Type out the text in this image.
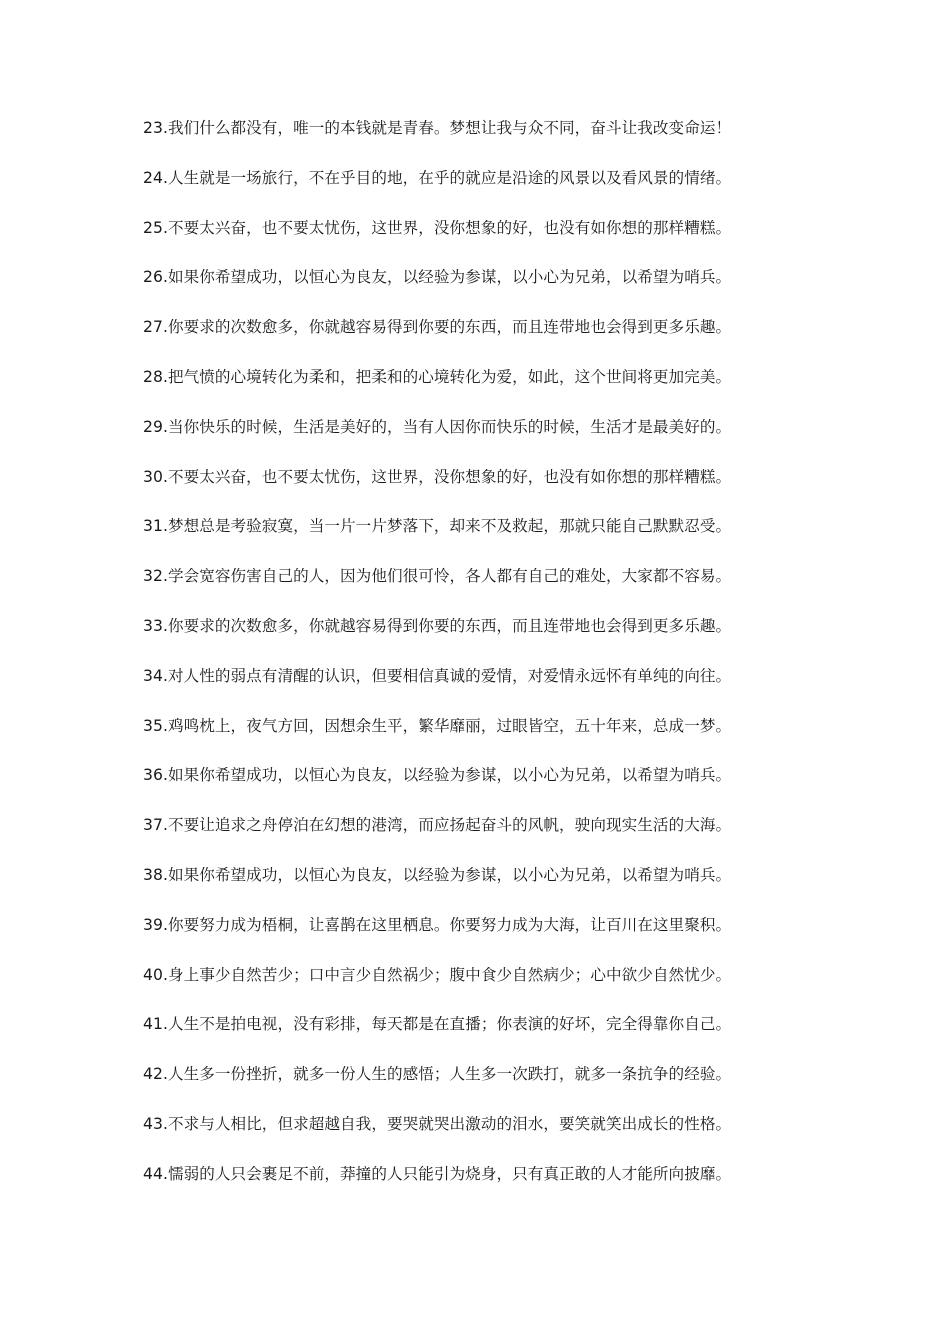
23.我们什么都没有，唯一的本钱就是青春。梦想让我与众不同，奋斗让我改变命运！
24.人生就是一场旅行，不在乎目的地，在乎的就应是沿途的风景以及看风景的情绪。
25.不要太兴奋，也不要太忧伤，这世界，没你想象的好，也没有如你想的那样糟糕。
26.如果你希望成功，以恒心为良友，以经验为参谋，以小心为兄弟，以希望为哨兵。
27.你要求的次数愈多，你就越容易得到你要的东西，而且连带地也会得到更多乐趣。
28.把气愤的心境转化为柔和，把柔和的心境转化为爱，如此，这个世间将更加完美。
29.当你快乐的时候，生活是美好的，当有人因你而快乐的时候，生活才是最美好的。
30.不要太兴奋，也不要太忧伤，这世界，没你想象的好，也没有如你想的那样糟糕。
31.梦想总是考验寂寞，当一片一片梦落下，却来不及救起，那就只能自己默默忍受。
32.学会宽容伤害自己的人，因为他们很可怜，各人都有自己的难处，大家都不容易。
33.你要求的次数愈多，你就越容易得到你要的东西，而且连带地也会得到更多乐趣。
34.对人性的弱点有清醒的认识，但要相信真诚的爱情，对爱情永远怀有单纯的向往。
35.鸡鸣枕上，夜气方回，因想余生平，繁华靡丽，过眼皆空，五十年来，总成一梦。
36.如果你希望成功，以恒心为良友，以经验为参谋，以小心为兄弟，以希望为哨兵。
37.不要让追求之舟停泊在幻想的港湾，而应扬起奋斗的风帆，驶向现实生活的大海。
38.如果你希望成功，以恒心为良友，以经验为参谋，以小心为兄弟，以希望为哨兵。
39.你要努力成为梧桐，让喜鹊在这里栖息。你要努力成为大海，让百川在这里聚积。
40.身上事少自然苦少；口中言少自然祸少；腹中食少自然病少；心中欲少自然忧少。
41.人生不是拍电视，没有彩排，每天都是在直播；你表演的好坏，完全得靠你自己。
42.人生多一份挫折，就多一份人生的感悟；人生多一次跌打，就多一条抗争的经验。
43.不求与人相比，但求超越自我，要哭就哭出激动的泪水，要笑就笑出成长的性格。
44.懦弱的人只会裹足不前，莽撞的人只能引为烧身，只有真正敢的人才能所向披靡。
